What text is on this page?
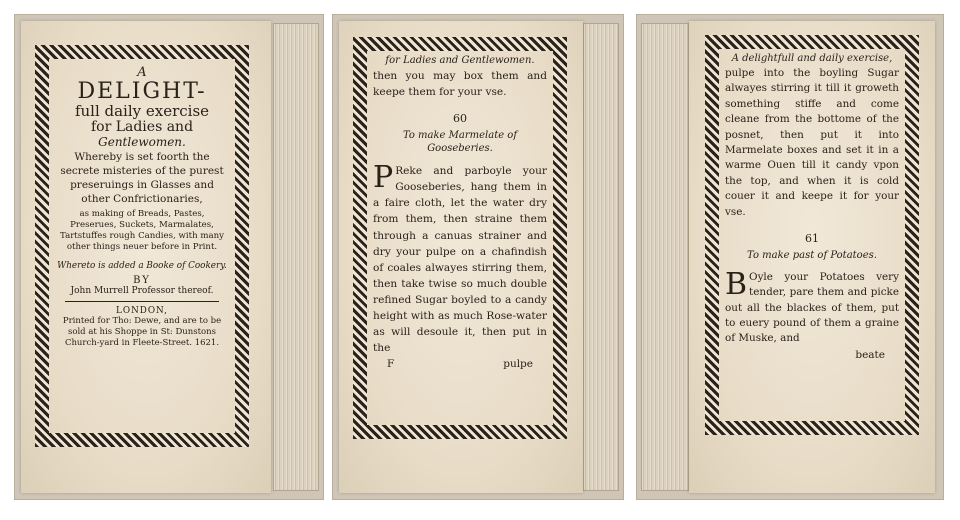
A
DELIGHT-
full daily exercise
for Ladies and
Gentlewomen.
Whereby is set foorth the secrete misteries of the purest preseruings in Glasses and other Confrictionaries,
as making of Breads, Pastes, Preserues, Suckets, Marmalates, Tartstuffes rough Candies, with many other things neuer before in Print.
Whereto is added a Booke of Cookery.
BY
John Murrell Professor thereof.
LONDON,
Printed for Tho: Dewe, and are to be sold at his Shoppe in St: Dunstons Church-yard in Fleete-Street. 1621.
for Ladies and Gentlewomen.
then you may box them and keepe them for your vse.
60
To make Marmelate of Gooseberies.
P Reke and parboyle your Gooseberies, hang them in a faire cloth, let the water dry from them, then straine them through a canuas strainer and dry your pulpe on a chafindish of coales alwayes stirring them, then take twise so much double refined Sugar boyled to a candy height with as much Rose-water as will desoule it, then put in the
F	pulpe
A delightfull and daily exercise,
pulpe into the boyling Sugar alwayes stirring it till it groweth something stiffe and come cleane from the bottome of the posnet, then put it into Marmelate boxes and set it in a warme Ouen till it candy vpon the top, and when it is cold couer it and keepe it for your vse.
61
To make past of Potatoes.
B Oyle your Potatoes very tender, pare them and picke out all the blackes of them, put to euery pound of them a graine of Muske, and
beate
